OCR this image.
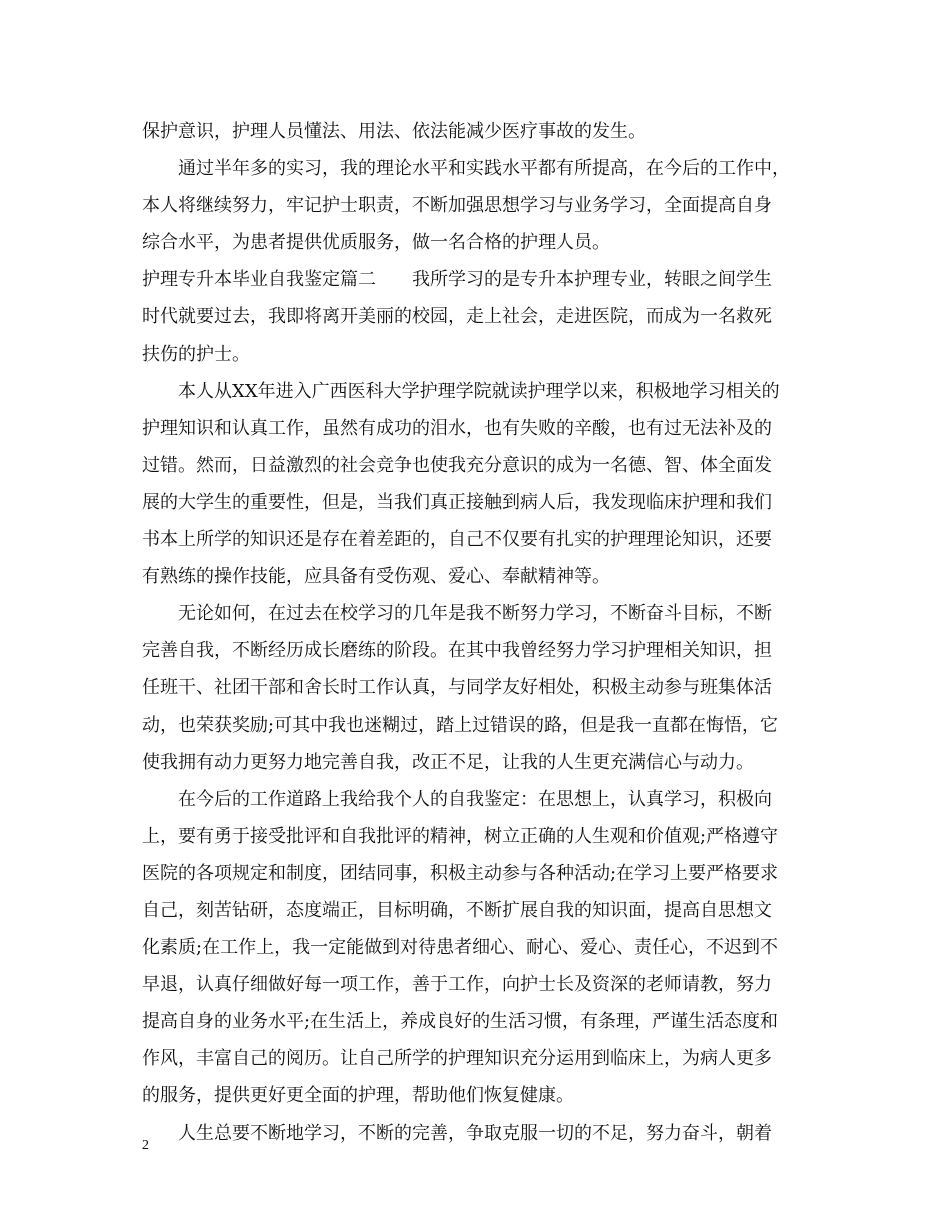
保护意识，护理人员懂法、用法、依法能减少医疗事故的发生。
通过半年多的实习，我的理论水平和实践水平都有所提高，在今后的工作中，
本人将继续努力，牢记护士职责，不断加强思想学习与业务学习，全面提高自身
综合水平，为患者提供优质服务，做一名合格的护理人员。
护理专升本毕业自我鉴定篇二　　我所学习的是专升本护理专业，转眼之间学生
时代就要过去，我即将离开美丽的校园，走上社会，走进医院，而成为一名救死
扶伤的护士。
本人从XX年进入广西医科大学护理学院就读护理学以来，积极地学习相关的
护理知识和认真工作，虽然有成功的泪水，也有失败的辛酸，也有过无法补及的
过错。然而，日益激烈的社会竞争也使我充分意识的成为一名德、智、体全面发
展的大学生的重要性，但是，当我们真正接触到病人后，我发现临床护理和我们
书本上所学的知识还是存在着差距的，自己不仅要有扎实的护理理论知识，还要
有熟练的操作技能，应具备有受伤观、爱心、奉献精神等。
无论如何，在过去在校学习的几年是我不断努力学习，不断奋斗目标，不断
完善自我，不断经历成长磨练的阶段。在其中我曾经努力学习护理相关知识，担
任班干、社团干部和舍长时工作认真，与同学友好相处，积极主动参与班集体活
动，也荣获奖励;可其中我也迷糊过，踏上过错误的路，但是我一直都在悔悟，它
使我拥有动力更努力地完善自我，改正不足，让我的人生更充满信心与动力。
在今后的工作道路上我给我个人的自我鉴定：在思想上，认真学习，积极向
上，要有勇于接受批评和自我批评的精神，树立正确的人生观和价值观;严格遵守
医院的各项规定和制度，团结同事，积极主动参与各种活动;在学习上要严格要求
自己，刻苦钻研，态度端正，目标明确，不断扩展自我的知识面，提高自思想文
化素质;在工作上，我一定能做到对待患者细心、耐心、爱心、责任心，不迟到不
早退，认真仔细做好每一项工作，善于工作，向护士长及资深的老师请教，努力
提高自身的业务水平;在生活上，养成良好的生活习惯，有条理，严谨生活态度和
作风，丰富自己的阅历。让自己所学的护理知识充分运用到临床上，为病人更多
的服务，提供更好更全面的护理，帮助他们恢复健康。
人生总要不断地学习，不断的完善，争取克服一切的不足，努力奋斗，朝着
2
